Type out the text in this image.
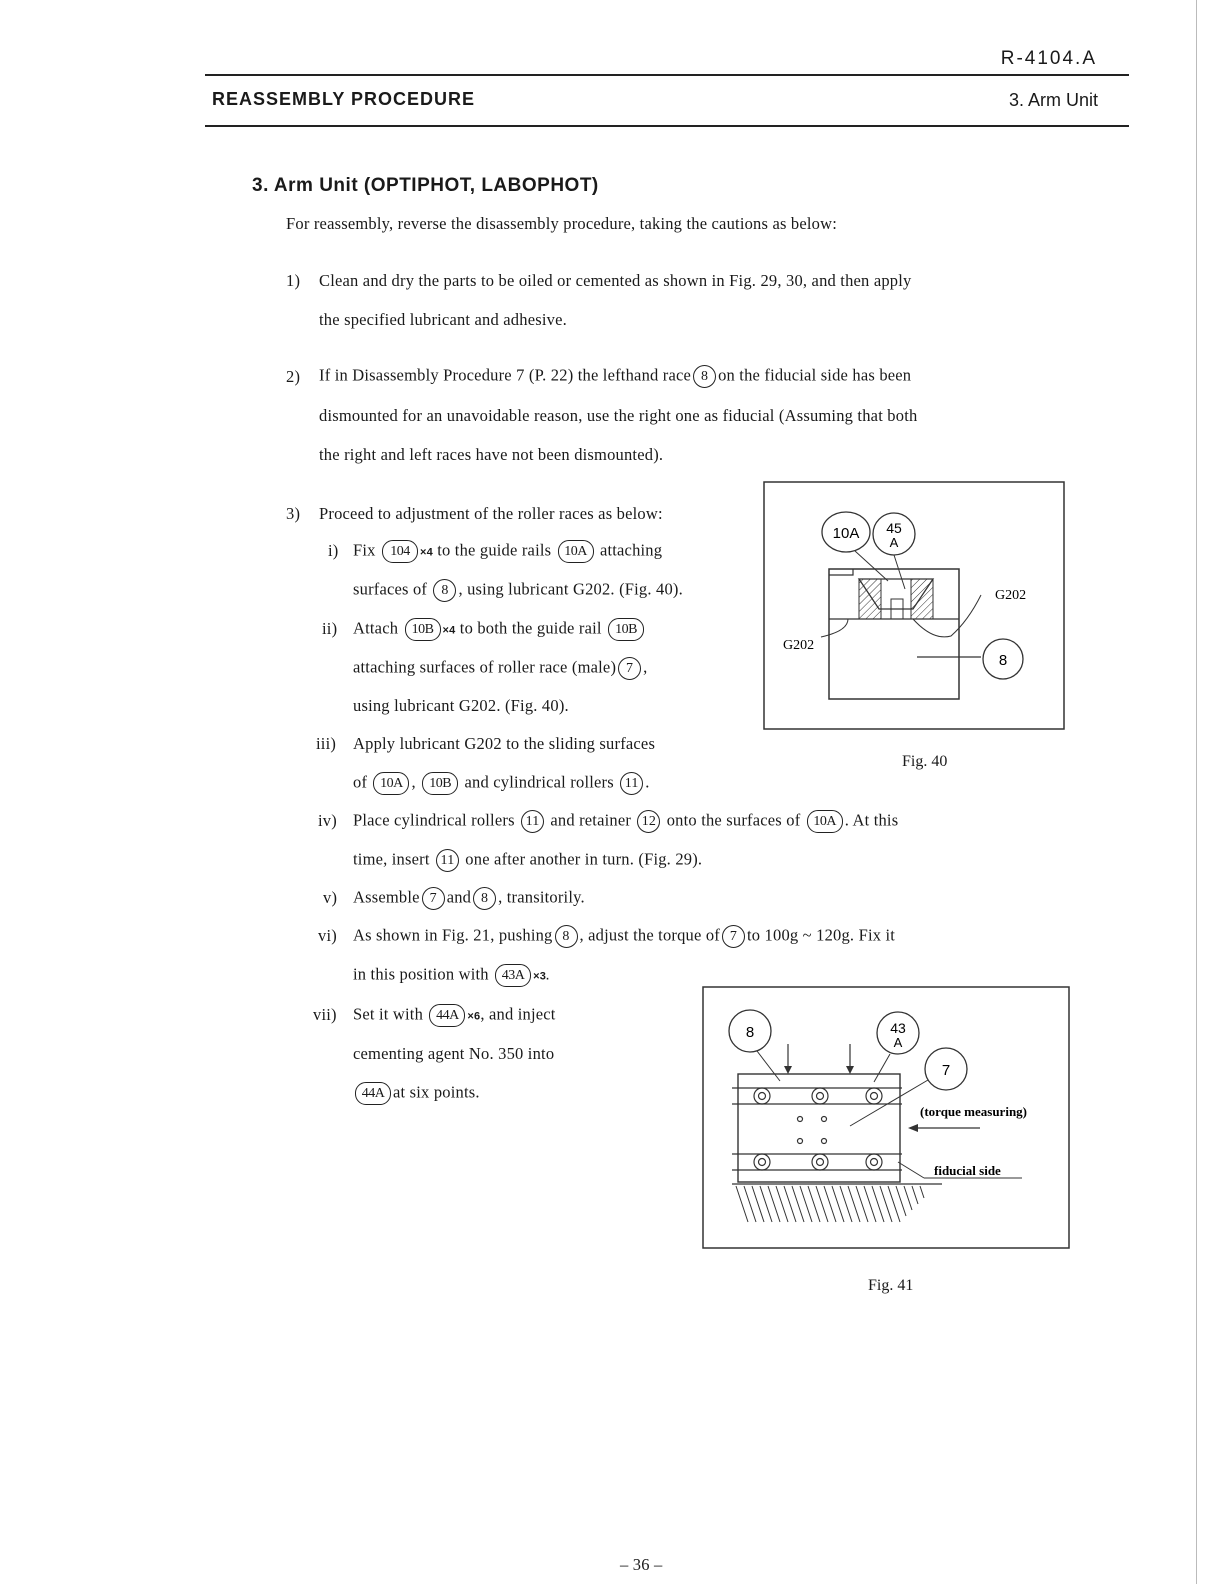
R-4104.A
REASSEMBLY PROCEDURE	3. Arm Unit
3. Arm Unit (OPTIPHOT, LABOPHOT)
For reassembly, reverse the disassembly procedure, taking the cautions as below:
1) Clean and dry the parts to be oiled or cemented as shown in Fig. 29, 30, and then apply
the specified lubricant and adhesive.
2) If in Disassembly Procedure 7 (P. 22) the lefthand race 8 on the fiducial side has been
dismounted for an unavoidable reason, use the right one as fiducial (Assuming that both
the right and left races have not been dismounted).
3) Proceed to adjustment of the roller races as below:
i) Fix 104 ×4 to the guide rails 10A attaching
surfaces of 8 , using lubricant G202. (Fig. 40).
ii) Attach 10B ×4 to both the guide rail 10B
attaching surfaces of roller race (male) 7 ,
using lubricant G202. (Fig. 40).
iii) Apply lubricant G202 to the sliding surfaces
of 10A , 10B and cylindrical rollers 11 .
iv) Place cylindrical rollers 11 and retainer 12 onto the surfaces of 10A . At this
time, insert 11 one after another in turn. (Fig. 29).
v) Assemble 7 and 8 , transitorily.
vi) As shown in Fig. 21, pushing 8 , adjust the torque of 7 to 100g ~ 120g. Fix it
in this position with 43A ×3.
vii) Set it with 44A ×6, and inject
cementing agent No. 350 into
44A at six points.
10A 45
A
G202
G202
8
Fig. 40
8	43
A
7
(torque measuring)
fiducial side
Fig. 41
– 36 –
